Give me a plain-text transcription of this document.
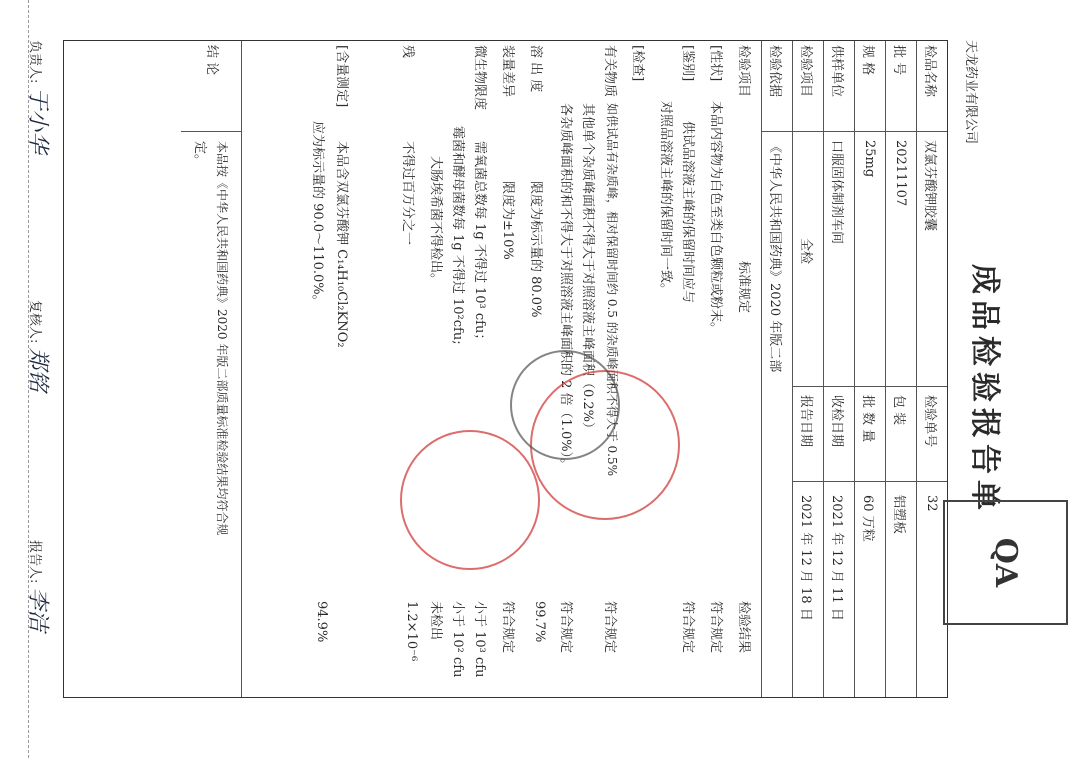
天龙药业有限公司
成品检验报告单
检品名称
双氯芬酸钾胶囊
检验单号
32
批 号
20211107
包 装
铝塑板
规 格
25mg
批 数 量
60 万粒
供样单位
口服固体制剂车间
收检日期
2021 年 12 月 11 日
检验项目
全检
报告日期
2021 年 12 月 18 日
检验依据
《中华人民共和国药典》2020 年版二部
检验项目
标准规定
检验结果
[性状]
本品内容物为白色至类白色颗粒或粉末。
符合规定
[鉴别]
供试品溶液主峰的保留时间应与
符合规定
对照品溶液主峰的保留时间一致。
[检查]
有关物质
如供试品有杂质峰，相对保留时间约 0.5 的杂质峰面积不得大于 0.5%
符合规定
其他单个杂质峰面积不得大于对照溶液主峰面积（0.2%）
各杂质峰面积的和不得大于对照溶液主峰面积的 2 倍（1.0%）。
符合规定
溶 出 度
限度为标示量的 80.0%
99.7%
装量差异
限度为±10%
符合规定
微生物限度
需氧菌总数每 1g 不得过 10³ cfu；
小于 10³ cfu
霉菌和酵母菌数每 1g 不得过 10²cfu;
小于 10² cfu
大肠埃希菌不得检出。
未检出
残
不得过百万分之一
1.2×10⁻⁶
[含量测定]
本品含双氯芬酸钾 C₁₄H₁₀Cl₂KNO₂
应为标示量的 90.0～110.0%。
94.9%
结 论
本品按《中华人民共和国药典》2020 年版二部质量标准检验结果均符合规
定。
QA
负责人: 于小华
复核人: 郑铭
报告人: 李洁
